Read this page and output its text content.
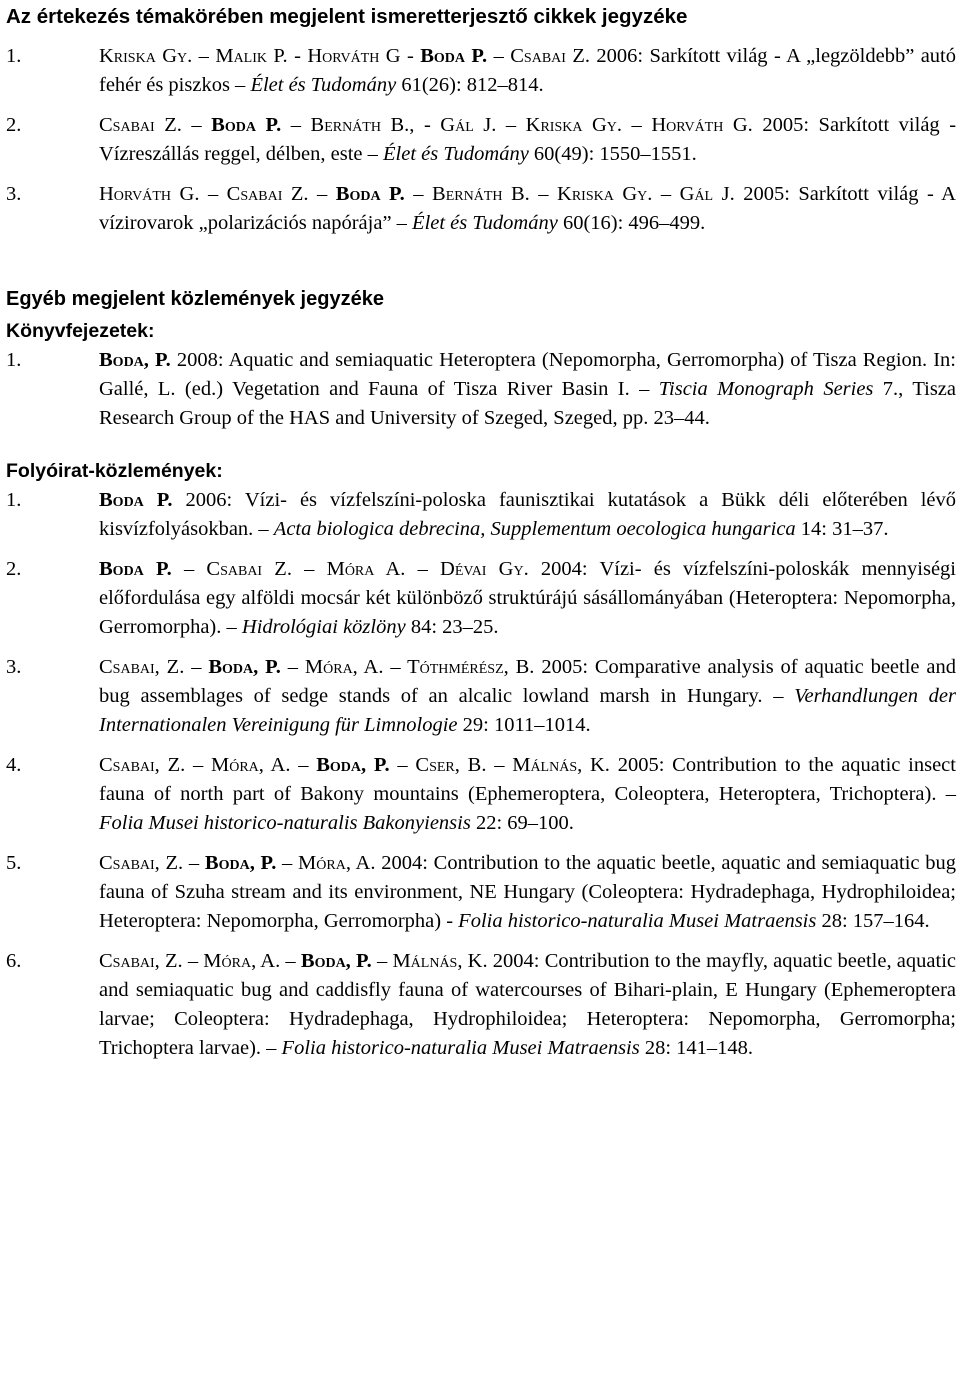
Az értekezés témakörében megjelent ismeretterjesztő cikkek jegyzéke
1.	Kriska Gy. – Malik P. - Horváth G - Boda P. – Csabai Z. 2006: Sarkított világ - A „legzöldebb” autó fehér és piszkos – Élet és Tudomány 61(26): 812–814.
2.	Csabai Z. – Boda P. – Bernáth B., - Gál J. – Kriska Gy. – Horváth G. 2005: Sarkított világ - Vízreszállás reggel, délben, este – Élet és Tudomány 60(49): 1550–1551.
3.	Horváth G. – Csabai Z. – Boda P. – Bernáth B. – Kriska Gy. – Gál J. 2005: Sarkított világ - A vízirovarok „polarizációs napórája” – Élet és Tudomány 60(16): 496–499.
Egyéb megjelent közlemények jegyzéke
Könyvfejezetek:
1.	Boda, P. 2008: Aquatic and semiaquatic Heteroptera (Nepomorpha, Gerromorpha) of Tisza Region. In: Gallé, L. (ed.) Vegetation and Fauna of Tisza River Basin I. – Tiscia Monograph Series 7., Tisza Research Group of the HAS and University of Szeged, Szeged, pp. 23–44.
Folyóirat-közlemények:
1.	Boda P. 2006: Vízi- és vízfelszíni-poloska faunisztikai kutatások a Bükk déli előterében lévő kisvízfolyásokban. – Acta biologica debrecina, Supplementum oecologica hungarica 14: 31–37.
2.	Boda P. – Csabai Z. – Móra A. – Dévai Gy. 2004: Vízi- és vízfelszíni-poloskák mennyiségi előfordulása egy alföldi mocsár két különböző struktúrájú sásállományában (Heteroptera: Nepomorpha, Gerromorpha). – Hidrológiai közlöny 84: 23–25.
3.	Csabai, Z. – Boda, P. – Móra, A. – Tóthmérész, B. 2005: Comparative analysis of aquatic beetle and bug assemblages of sedge stands of an alcalic lowland marsh in Hungary. – Verhandlungen der Internationalen Vereinigung für Limnologie 29: 1011–1014.
4.	Csabai, Z. – Móra, A. – Boda, P. – Cser, B. – Málnás, K. 2005: Contribution to the aquatic insect fauna of north part of Bakony mountains (Ephemeroptera, Coleoptera, Heteroptera, Trichoptera). – Folia Musei historico-naturalis Bakonyiensis 22: 69–100.
5.	Csabai, Z. – Boda, P. – Móra, A. 2004: Contribution to the aquatic beetle, aquatic and semiaquatic bug fauna of Szuha stream and its environment, NE Hungary (Coleoptera: Hydradephaga, Hydrophiloidea; Heteroptera: Nepomorpha, Gerromorpha) - Folia historico-naturalia Musei Matraensis 28: 157–164.
6.	Csabai, Z. – Móra, A. – Boda, P. – Málnás, K. 2004: Contribution to the mayfly, aquatic beetle, aquatic and semiaquatic bug and caddisfly fauna of watercourses of Bihari-plain, E Hungary (Ephemeroptera larvae; Coleoptera: Hydradephaga, Hydrophiloidea; Heteroptera: Nepomorpha, Gerromorpha; Trichoptera larvae). – Folia historico-naturalia Musei Matraensis 28: 141–148.
